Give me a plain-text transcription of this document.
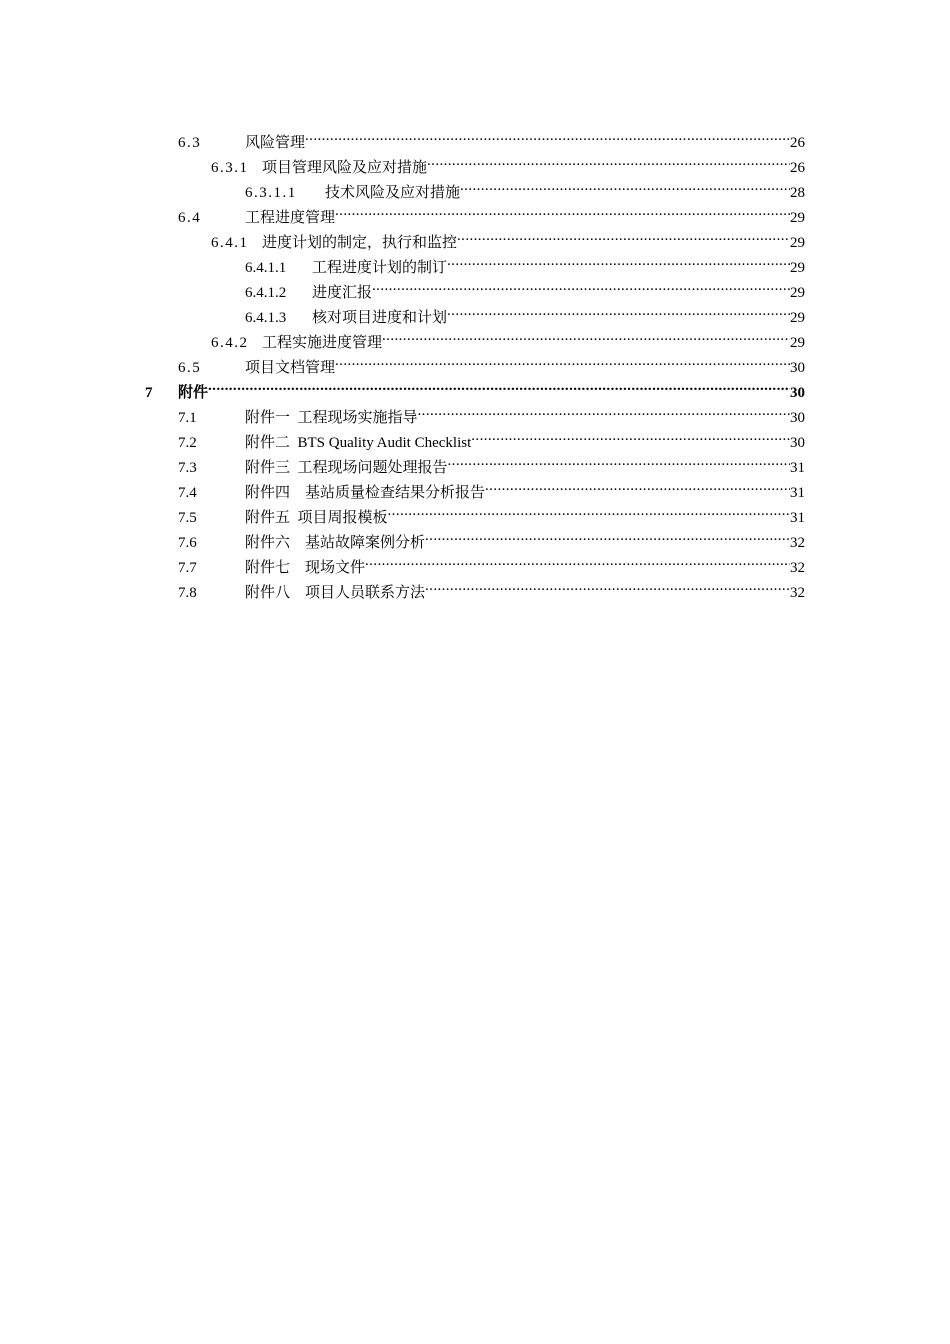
6.3	风险管理 .....	26
6.3.1 项目管理风险及应对措施 .....	26
6.3.1.1	技术风险及应对措施 .....	28
6.4	工程进度管理 .....	29
6.4.1 进度计划的制定，执行和监控 .....	29
6.4.1.1	工程进度计划的制订 .....	29
6.4.1.2	进度汇报 .....	29
6.4.1.3	核对项目进度和计划 .....	29
6.4.2 工程实施进度管理 .....	29
6.5	项目文档管理 .....	30
7	附件 .....	30
7.1	附件一  工程现场实施指导 .....	30
7.2	附件二  BTS Quality Audit Checklist .....	30
7.3	附件三  工程现场问题处理报告 .....	31
7.4	附件四    基站质量检查结果分析报告 .....	31
7.5	附件五  项目周报模板 .....	31
7.6	附件六    基站故障案例分析 .....	32
7.7	附件七    现场文件 .....	32
7.8	附件八    项目人员联系方法 .....	32
